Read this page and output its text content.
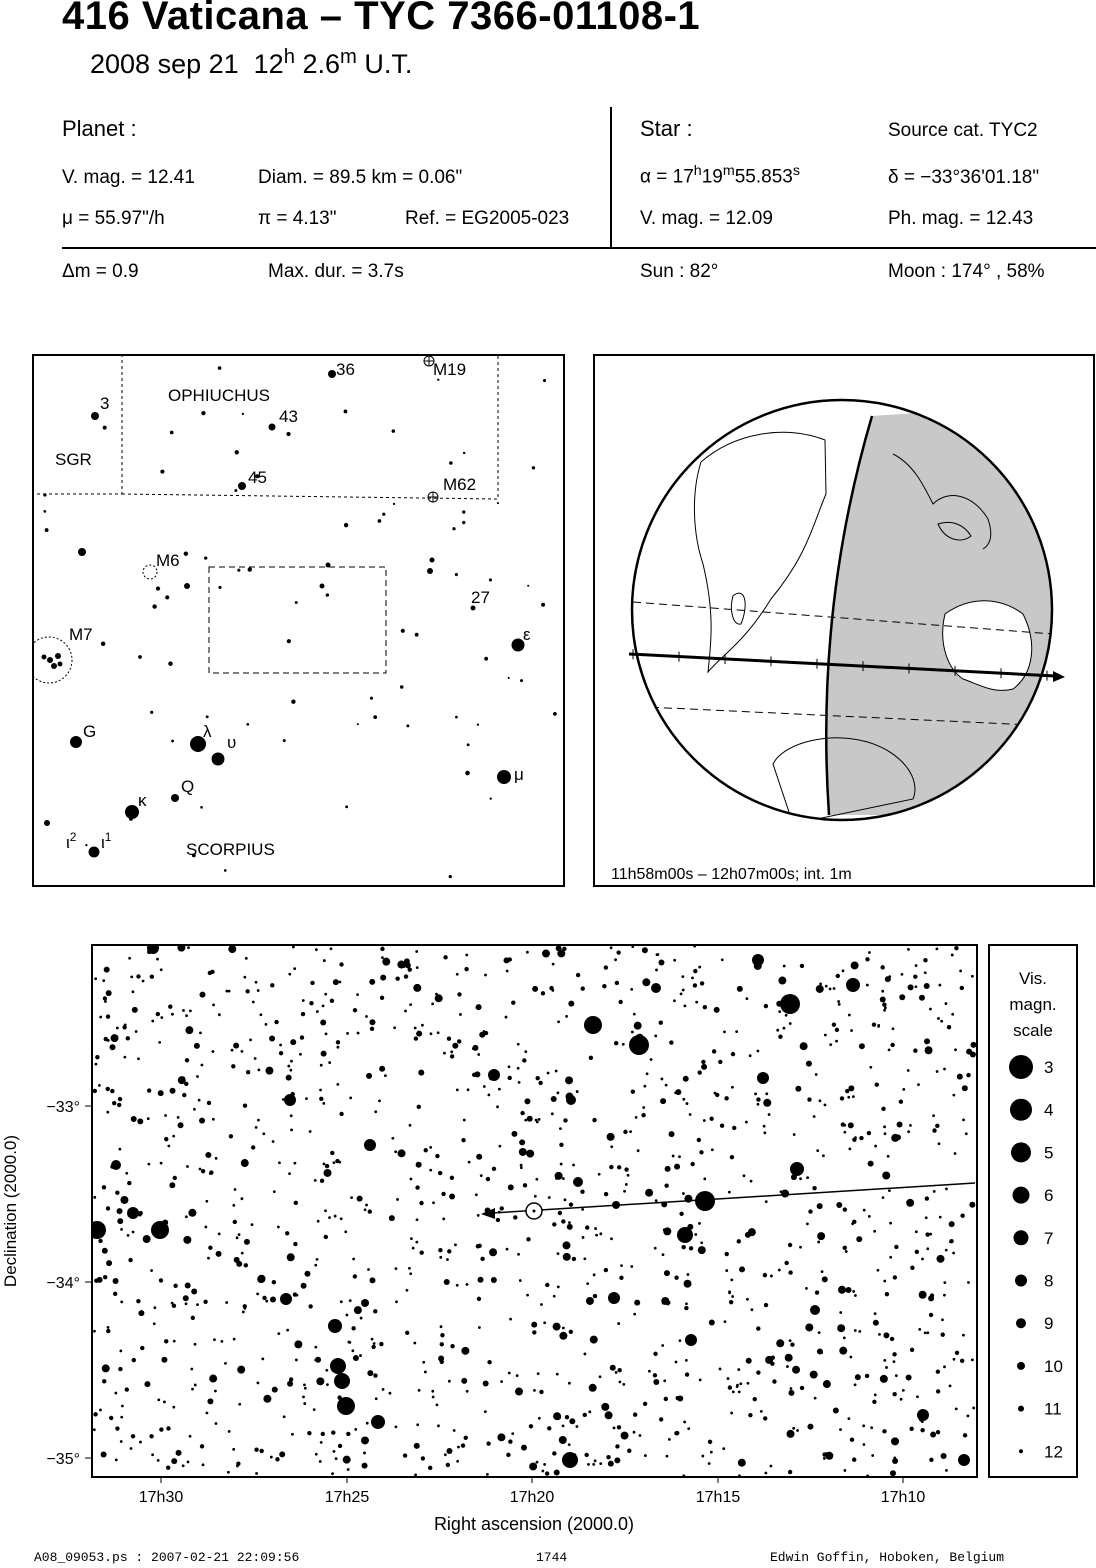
416 Vaticana – TYC 7366-01108-1
2008 sep 21 12$^h$ 2.6$^m$ U.T.
Planet :
V. mag. = 12.41	Diam. = 89.5 km = 0.06"
μ = 55.97"/h	π = 4.13"	Ref. = EG2005-023
Star :	Source cat. TYC2
$\alpha = 17^h19^m55.853^s$	δ = −33°36'01.18"
V. mag. = 12.09	Ph. mag. = 12.43
Δm = 0.9	Max. dur. = 3.7s	Sun : 82°	Moon : 174° , 58%
36	M19
OPHIUCHUS
3
43
SGR
45	M62
M6
27
ε
M7
G	λ
υ
μ
Q
κ
$\iota^2$ $\iota^1$
SCORPIUS
11h58m00s – 12h07m00s; int. 1m
−33°
−34°
−35°
Declination (2000.0)
17h30	17h25	17h20	17h15	17h10
Right ascension (2000.0)
Vis.
magn.
scale
3
4
5
6
7
8
9
10
11
12
A08_09053.ps : 2007-02-21 22:09:56	1744	Edwin Goffin, Hoboken, Belgium
